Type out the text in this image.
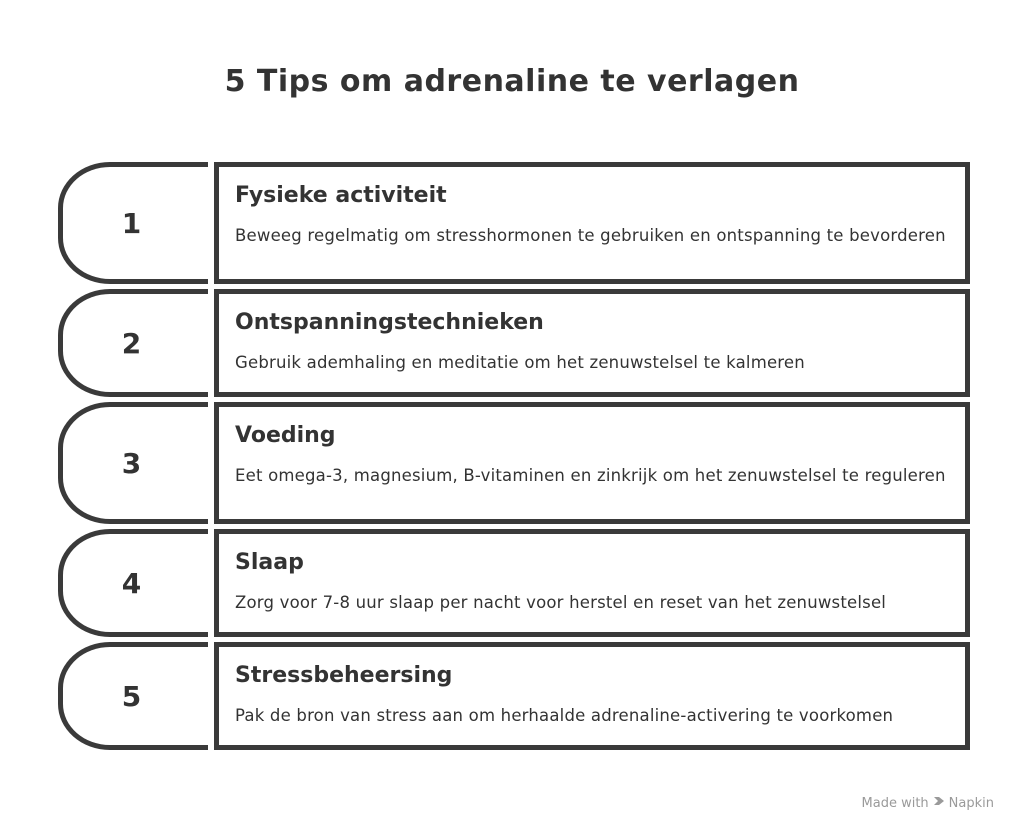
5 Tips om adrenaline te verlagen
1
Fysieke activiteit

Beweeg regelmatig om stresshormonen te gebruiken en ontspanning te bevorderen

2
Ontspanningstechnieken

Gebruik ademhaling en meditatie om het zenuwstelsel te kalmeren

3
Voeding

Eet omega-3, magnesium, B-vitaminen en zinkrijk om het zenuwstelsel te reguleren

4
Slaap

Zorg voor 7-8 uur slaap per nacht voor herstel en reset van het zenuwstelsel

5
Stressbeheersing

Pak de bron van stress aan om herhaalde adrenaline-activering te voorkomen

Made with Napkin
